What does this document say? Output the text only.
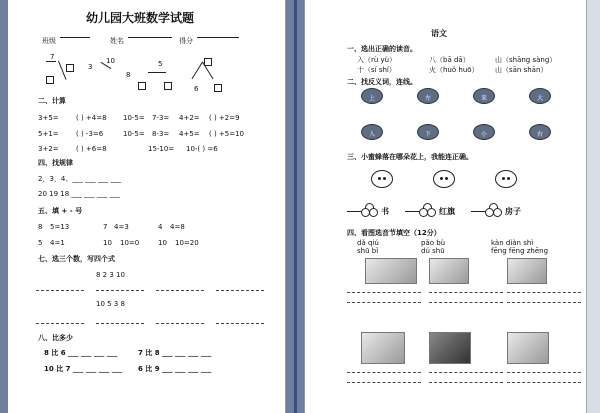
幼儿园大班数学试题
班级	姓名	得分
7
3
10
8
5
6
二、计算
3+5= ( ) +4=8 10-5= 7-3= 4+2= ( ) +2=9
5+1= ( ) -3=6	10-5= 8-3= 4+5= ( ) +5=10
3+2= ( ) +6=8	15-10= 10-( ) =6
四、找规律
2，3，4、___ ___ ___ ___
20 19 18 ___ ___ ___ ___
五、填 + - 号
8 5=13	7 4=3	4 4=8
5 4=1	10 10=0	10 10=20
七、选三个数，写四个式
8 2 3 10
10 5 3 8
八、比多少
8 比 6 ___ ___ ___ ___	7 比 8 ___ ___ ___ ___
10 比 7 ___ ___ ___ ___ 6 比 9 ___ ___ ___ ___
语文
一、选出正确的读音。
入（rù yù）	八（bā dā）	山（shāng sàng）
十（sí shí）	火（huǒ huō） 山（sān shān）
二、找反义词，连线。
上	左	来	大
入	下	小	右
三、小蜜蜂落在哪朵花上，我能连正确。
书	红旗	房子
四、看图选音节填空（12分）
dǎ qiú
shū bǐ
pǎo bù
dú shū
kàn diàn shì
fēng fēng zhēng
